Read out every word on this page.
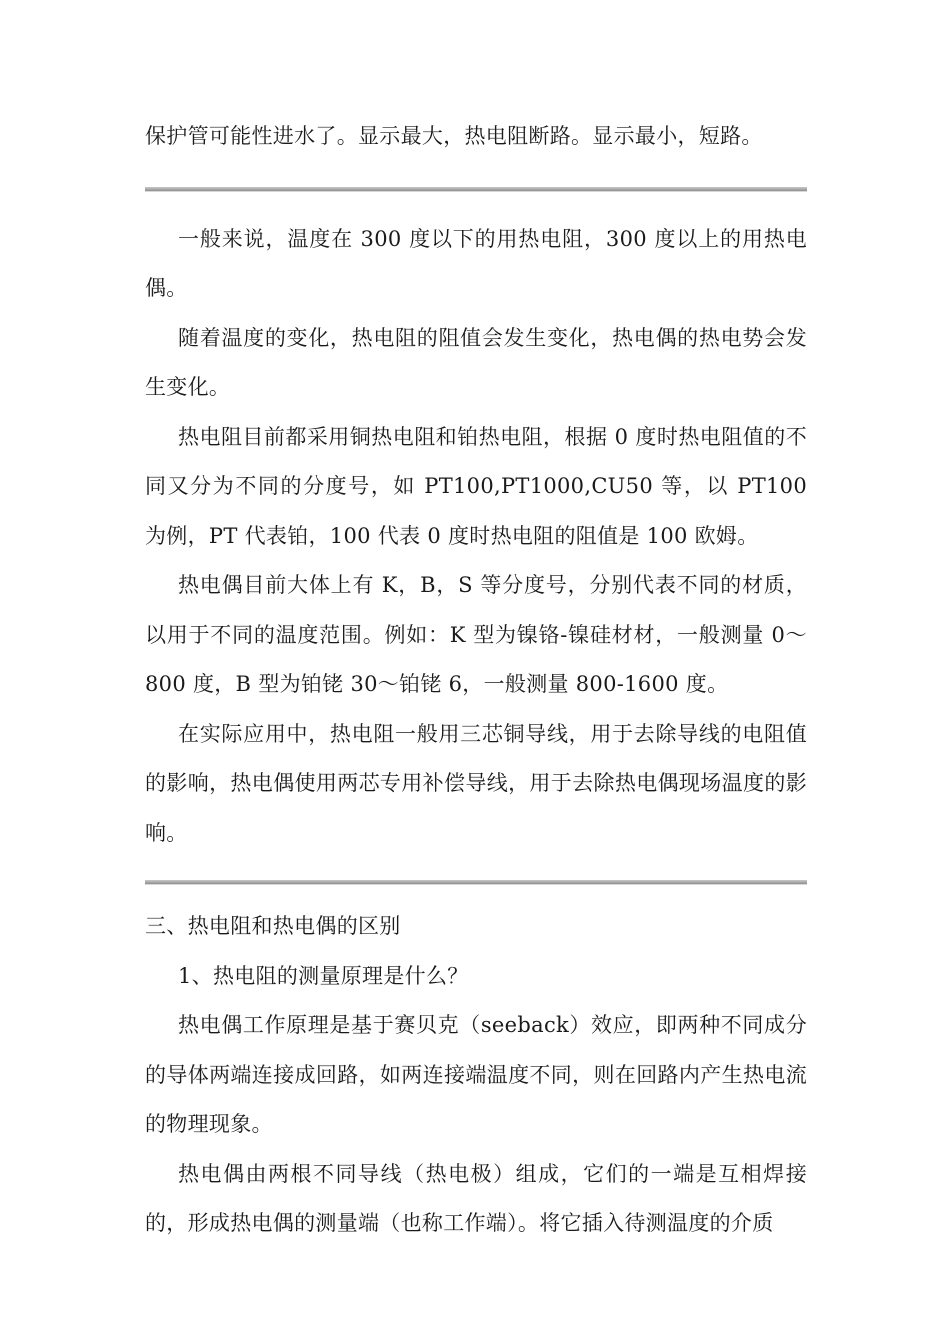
保护管可能性进水了。显示最大，热电阻断路。显示最小，短路。

一般来说，温度在 300 度以下的用热电阻，300 度以上的用热电偶。

随着温度的变化，热电阻的阻值会发生变化，热电偶的热电势会发生变化。

热电阻目前都采用铜热电阻和铂热电阻，根据 0 度时热电阻值的不同又分为不同的分度号，如 PT100,PT1000,CU50 等，以 PT100 为例，PT 代表铂，100 代表 0 度时热电阻的阻值是 100 欧姆。

热电偶目前大体上有 K，B，S 等分度号，分别代表不同的材质，以用于不同的温度范围。例如：K 型为镍铬-镍硅材材，一般测量 0～800 度，B 型为铂铑 30～铂铑 6，一般测量 800-1600 度。

在实际应用中，热电阻一般用三芯铜导线，用于去除导线的电阻值的影响，热电偶使用两芯专用补偿导线，用于去除热电偶现场温度的影响。

三、热电阻和热电偶的区别

1、热电阻的测量原理是什么？

热电偶工作原理是基于赛贝克（seeback）效应，即两种不同成分的导体两端连接成回路，如两连接端温度不同，则在回路内产生热电流的物理现象。

热电偶由两根不同导线（热电极）组成，它们的一端是互相焊接的，形成热电偶的测量端（也称工作端）。将它插入待测温度的介质
